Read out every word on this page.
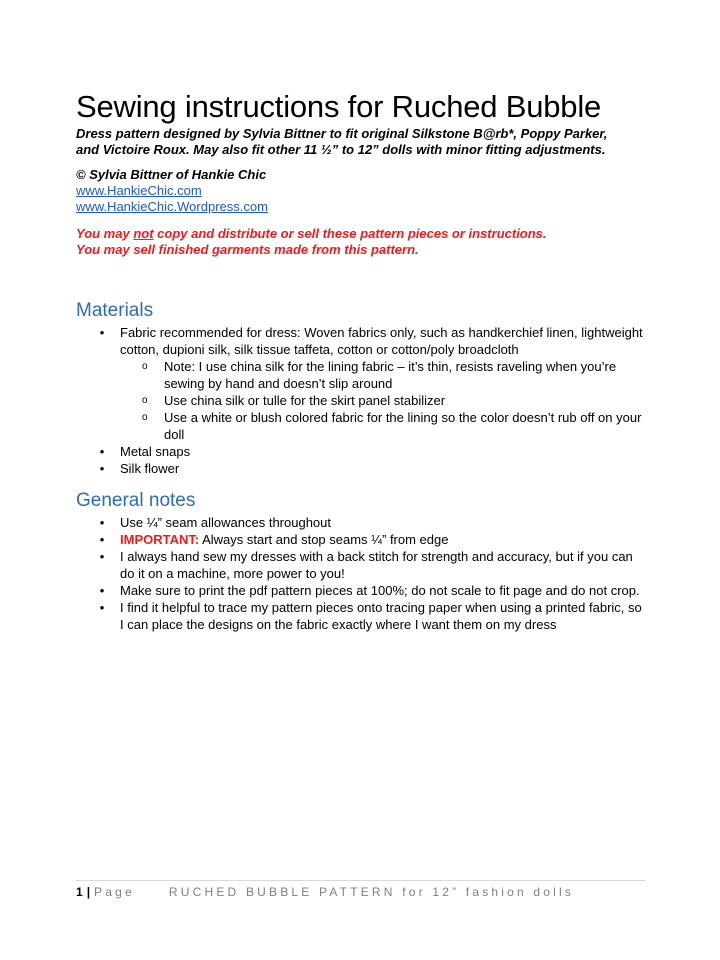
Sewing instructions for Ruched Bubble
Dress pattern designed by Sylvia Bittner to fit original Silkstone B@rb*, Poppy Parker,
and Victoire Roux. May also fit other 11 ½” to 12” dolls with minor fitting adjustments.
© Sylvia Bittner of Hankie Chic
www.HankieChic.com
www.HankieChic.Wordpress.com
You may not copy and distribute or sell these pattern pieces or instructions.
You may sell finished garments made from this pattern.
Materials
• Fabric recommended for dress: Woven fabrics only, such as handkerchief linen, lightweight cotton, dupioni silk, silk tissue taffeta, cotton or cotton/poly broadcloth
o Note: I use china silk for the lining fabric – it’s thin, resists raveling when you’re sewing by hand and doesn’t slip around
o Use china silk or tulle for the skirt panel stabilizer
o Use a white or blush colored fabric for the lining so the color doesn’t rub off on your doll
• Metal snaps
• Silk flower
General notes
• Use ¼” seam allowances throughout
• IMPORTANT: Always start and stop seams ¼” from edge
• I always hand sew my dresses with a back stitch for strength and accuracy, but if you can do it on a machine, more power to you!
• Make sure to print the pdf pattern pieces at 100%; do not scale to fit page and do not crop.
• I find it helpful to trace my pattern pieces onto tracing paper when using a printed fabric, so I can place the designs on the fabric exactly where I want them on my dress
1 | Page	RUCHED BUBBLE PATTERN for 12” fashion dolls
